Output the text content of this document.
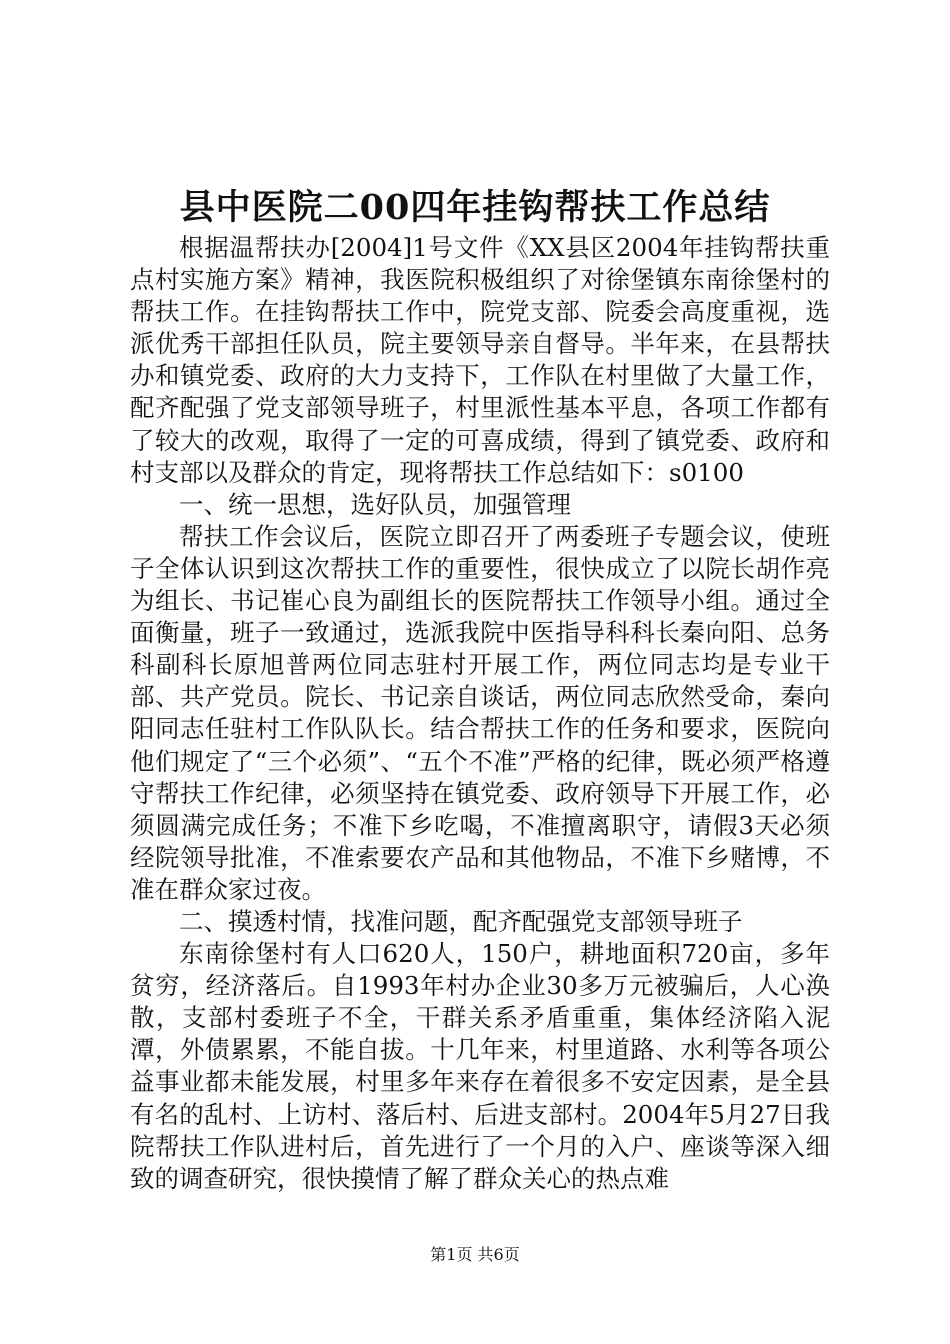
县中医院二00四年挂钩帮扶工作总结

根据温帮扶办[2004]1号文件《XX县区2004年挂钩帮扶重点村实施方案》精神，我医院积极组织了对徐堡镇东南徐堡村的帮扶工作。在挂钩帮扶工作中，院党支部、院委会高度重视，选派优秀干部担任队员，院主要领导亲自督导。半年来，在县帮扶办和镇党委、政府的大力支持下，工作队在村里做了大量工作，配齐配强了党支部领导班子，村里派性基本平息，各项工作都有了较大的改观，取得了一定的可喜成绩，得到了镇党委、政府和村支部以及群众的肯定，现将帮扶工作总结如下：s0100

一、统一思想，选好队员，加强管理

帮扶工作会议后，医院立即召开了两委班子专题会议，使班子全体认识到这次帮扶工作的重要性，很快成立了以院长胡作亮为组长、书记崔心良为副组长的医院帮扶工作领导小组。通过全面衡量，班子一致通过，选派我院中医指导科科长秦向阳、总务科副科长原旭普两位同志驻村开展工作，两位同志均是专业干部、共产党员。院长、书记亲自谈话，两位同志欣然受命，秦向阳同志任驻村工作队队长。结合帮扶工作的任务和要求，医院向他们规定了“三个必须”、“五个不准”严格的纪律，既必须严格遵守帮扶工作纪律，必须坚持在镇党委、政府领导下开展工作，必须圆满完成任务；不准下乡吃喝，不准擅离职守，请假3天必须经院领导批准，不准索要农产品和其他物品，不准下乡赌博，不准在群众家过夜。

二、摸透村情，找准问题，配齐配强党支部领导班子

东南徐堡村有人口620人，150户，耕地面积720亩，多年贫穷，经济落后。自1993年村办企业30多万元被骗后，人心涣散，支部村委班子不全，干群关系矛盾重重，集体经济陷入泥潭，外债累累，不能自拔。十几年来，村里道路、水利等各项公益事业都未能发展，村里多年来存在着很多不安定因素，是全县有名的乱村、上访村、落后村、后进支部村。2004年5月27日我院帮扶工作队进村后，首先进行了一个月的入户、座谈等深入细致的调查研究，很快摸情了解了群众关心的热点难

第1页 共6页
